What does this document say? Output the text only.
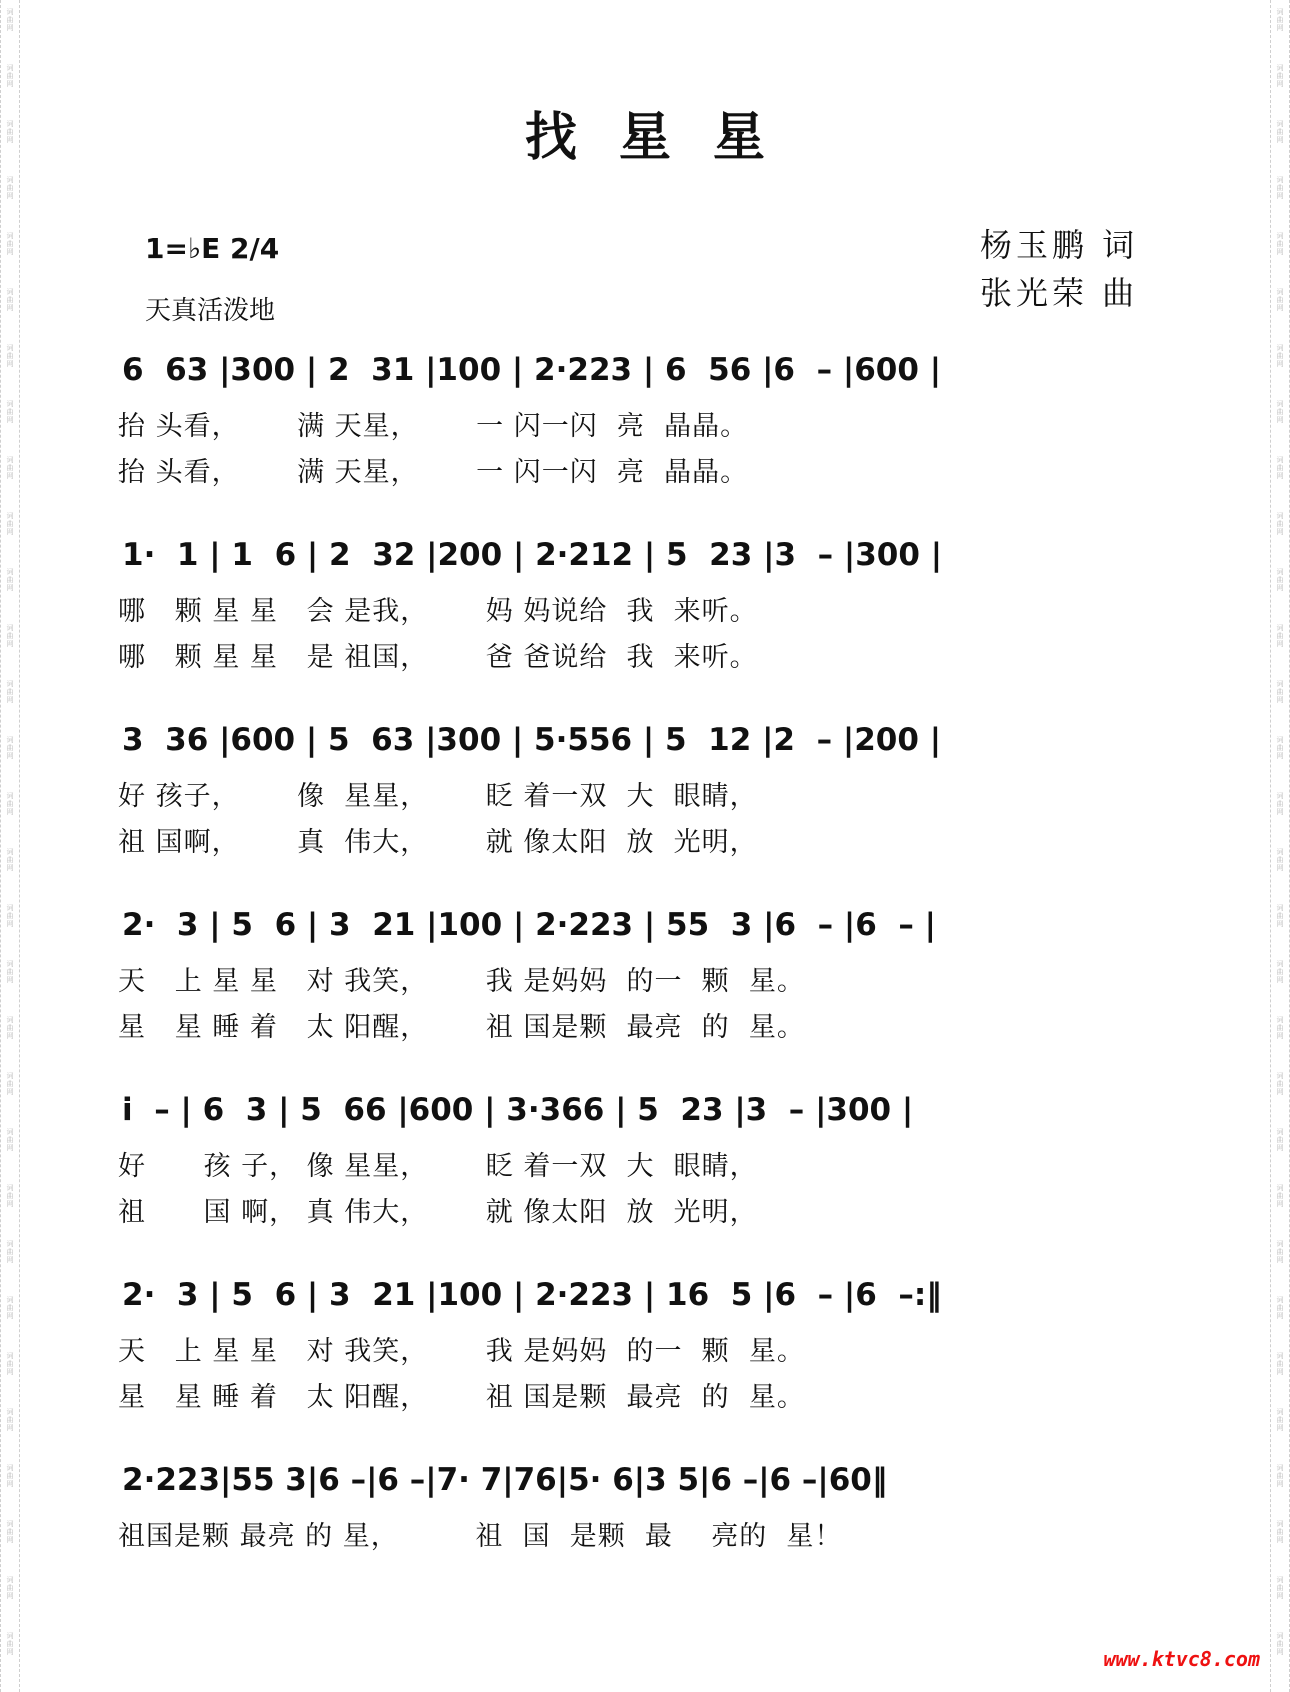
词
曲
网
词
曲
网
词
曲
网
词
曲
网
词
曲
网
词
曲
网
词
曲
网
词
曲
网
词
曲
网
词
曲
网
词
曲
网
词
曲
网
词
曲
网
词
曲
网
词
曲
网
词
曲
网
词
曲
网
词
曲
网
词
曲
网
词
曲
网
词
曲
网
词
曲
网
词
曲
网
词
曲
网
词
曲
网
词
曲
网
词
曲
网
词
曲
网
词
曲
网
词
曲
网
词
曲
网
词
曲
网
词
曲
网
词
曲
网
词
曲
网
词
曲
网
词
曲
网
词
曲
网
词
曲
网
词
曲
网
词
曲
网
词
曲
网
词
曲
网
词
曲
网
词
曲
网
词
曲
网
词
曲
网
词
曲
网
词
曲
网
词
曲
网
词
曲
网
词
曲
网
词
曲
网
词
曲
网
词
曲
网
词
曲
网
词
曲
网
词
曲
网
词
曲
网
词
曲
网
找星星
1=♭E 2/4
天真活泼地
杨玉鹏 词
张光荣 曲
6  63 |300 | 2  31 |100 | 2·223 | 6  56 |6  – |600 |
抬 头看，      满 天星，      一 闪一闪  亮  晶晶。
抬 头看，      满 天星，      一 闪一闪  亮  晶晶。
1·  1 | 1  6 | 2  32 |200 | 2·212 | 5  23 |3  – |300 |
哪   颗 星 星   会 是我，      妈 妈说给  我  来听。
哪   颗 星 星   是 祖国，      爸 爸说给  我  来听。
3  36 |600 | 5  63 |300 | 5·556 | 5  12 |2  – |200 |
好 孩子，      像  星星，      眨 着一双  大  眼睛，
祖 国啊，      真  伟大，      就 像太阳  放  光明，
2·  3 | 5  6 | 3  21 |100 | 2·223 | 55  3 |6  – |6  – |
天   上 星 星   对 我笑，      我 是妈妈  的一  颗  星。
星   星 睡 着   太 阳醒，      祖 国是颗  最亮  的  星。
i  – | 6  3 | 5  66 |600 | 3·366 | 5  23 |3  – |300 |
好      孩 子， 像 星星，      眨 着一双  大  眼睛，
祖      国 啊， 真 伟大，      就 像太阳  放  光明，
2·  3 | 5  6 | 3  21 |100 | 2·223 | 16  5 |6  – |6  –:‖
天   上 星 星   对 我笑，      我 是妈妈  的一  颗  星。
星   星 睡 着   太 阳醒，      祖 国是颗  最亮  的  星。
2·223|55 3|6 –|6 –|7· 7|76|5· 6|3 5|6 –|6 –|60‖
祖国是颗 最亮 的 星，        祖  国  是颗  最    亮的  星！
www.ktvc8.com
